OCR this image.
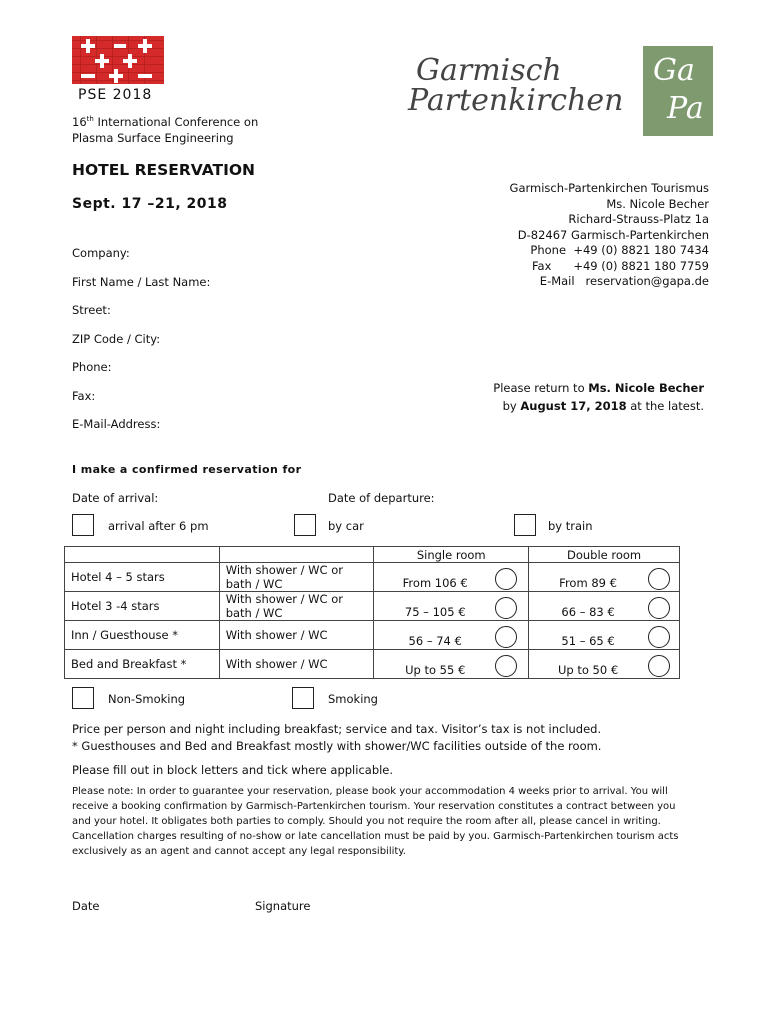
PSE 2018
16th International Conference on
Plasma Surface Engineering
Garmisch
Partenkirchen
Ga
Pa
HOTEL RESERVATION
Sept. 17 –21, 2018
Garmisch-Partenkirchen Tourismus
Ms. Nicole Becher
Richard-Strauss-Platz 1a
D-82467 Garmisch-Partenkirchen
Phone  +49 (0) 8821 180 7434
Fax      +49 (0) 8821 180 7759
E-Mail   reservation@gapa.de
Company:
First Name / Last Name:
Street:
ZIP Code / City:
Phone:
Fax:
E-Mail-Address:
Please return to Ms. Nicole Becher
by August 17, 2018 at the latest.
I make a confirmed reservation for
Date of arrival:	Date of departure:
arrival after 6 pm	by car	by train
		Single room	Double room
Hotel 4 – 5 stars	With shower / WC or bath / WC	From 106 €	From 89 €
Hotel 3 -4 stars	With shower / WC or bath / WC	75 – 105 €	66 – 83 €
Inn / Guesthouse *	With shower / WC	56 – 74 €	51 – 65 €
Bed and Breakfast *	With shower / WC	Up to 55 €	Up to 50 €
Non-Smoking	Smoking
Price per person and night including breakfast; service and tax. Visitor’s tax is not included.
* Guesthouses and Bed and Breakfast mostly with shower/WC facilities outside of the room.
Please fill out in block letters and tick where applicable.
Please note: In order to guarantee your reservation, please book your accommodation 4 weeks prior to arrival. You will receive a booking confirmation by Garmisch-Partenkirchen tourism. Your reservation constitutes a contract between you and your hotel. It obligates both parties to comply. Should you not require the room after all, please cancel in writing. Cancellation charges resulting of no-show or late cancellation must be paid by you. Garmisch-Partenkirchen tourism acts exclusively as an agent and cannot accept any legal responsibility.
Date	Signature
